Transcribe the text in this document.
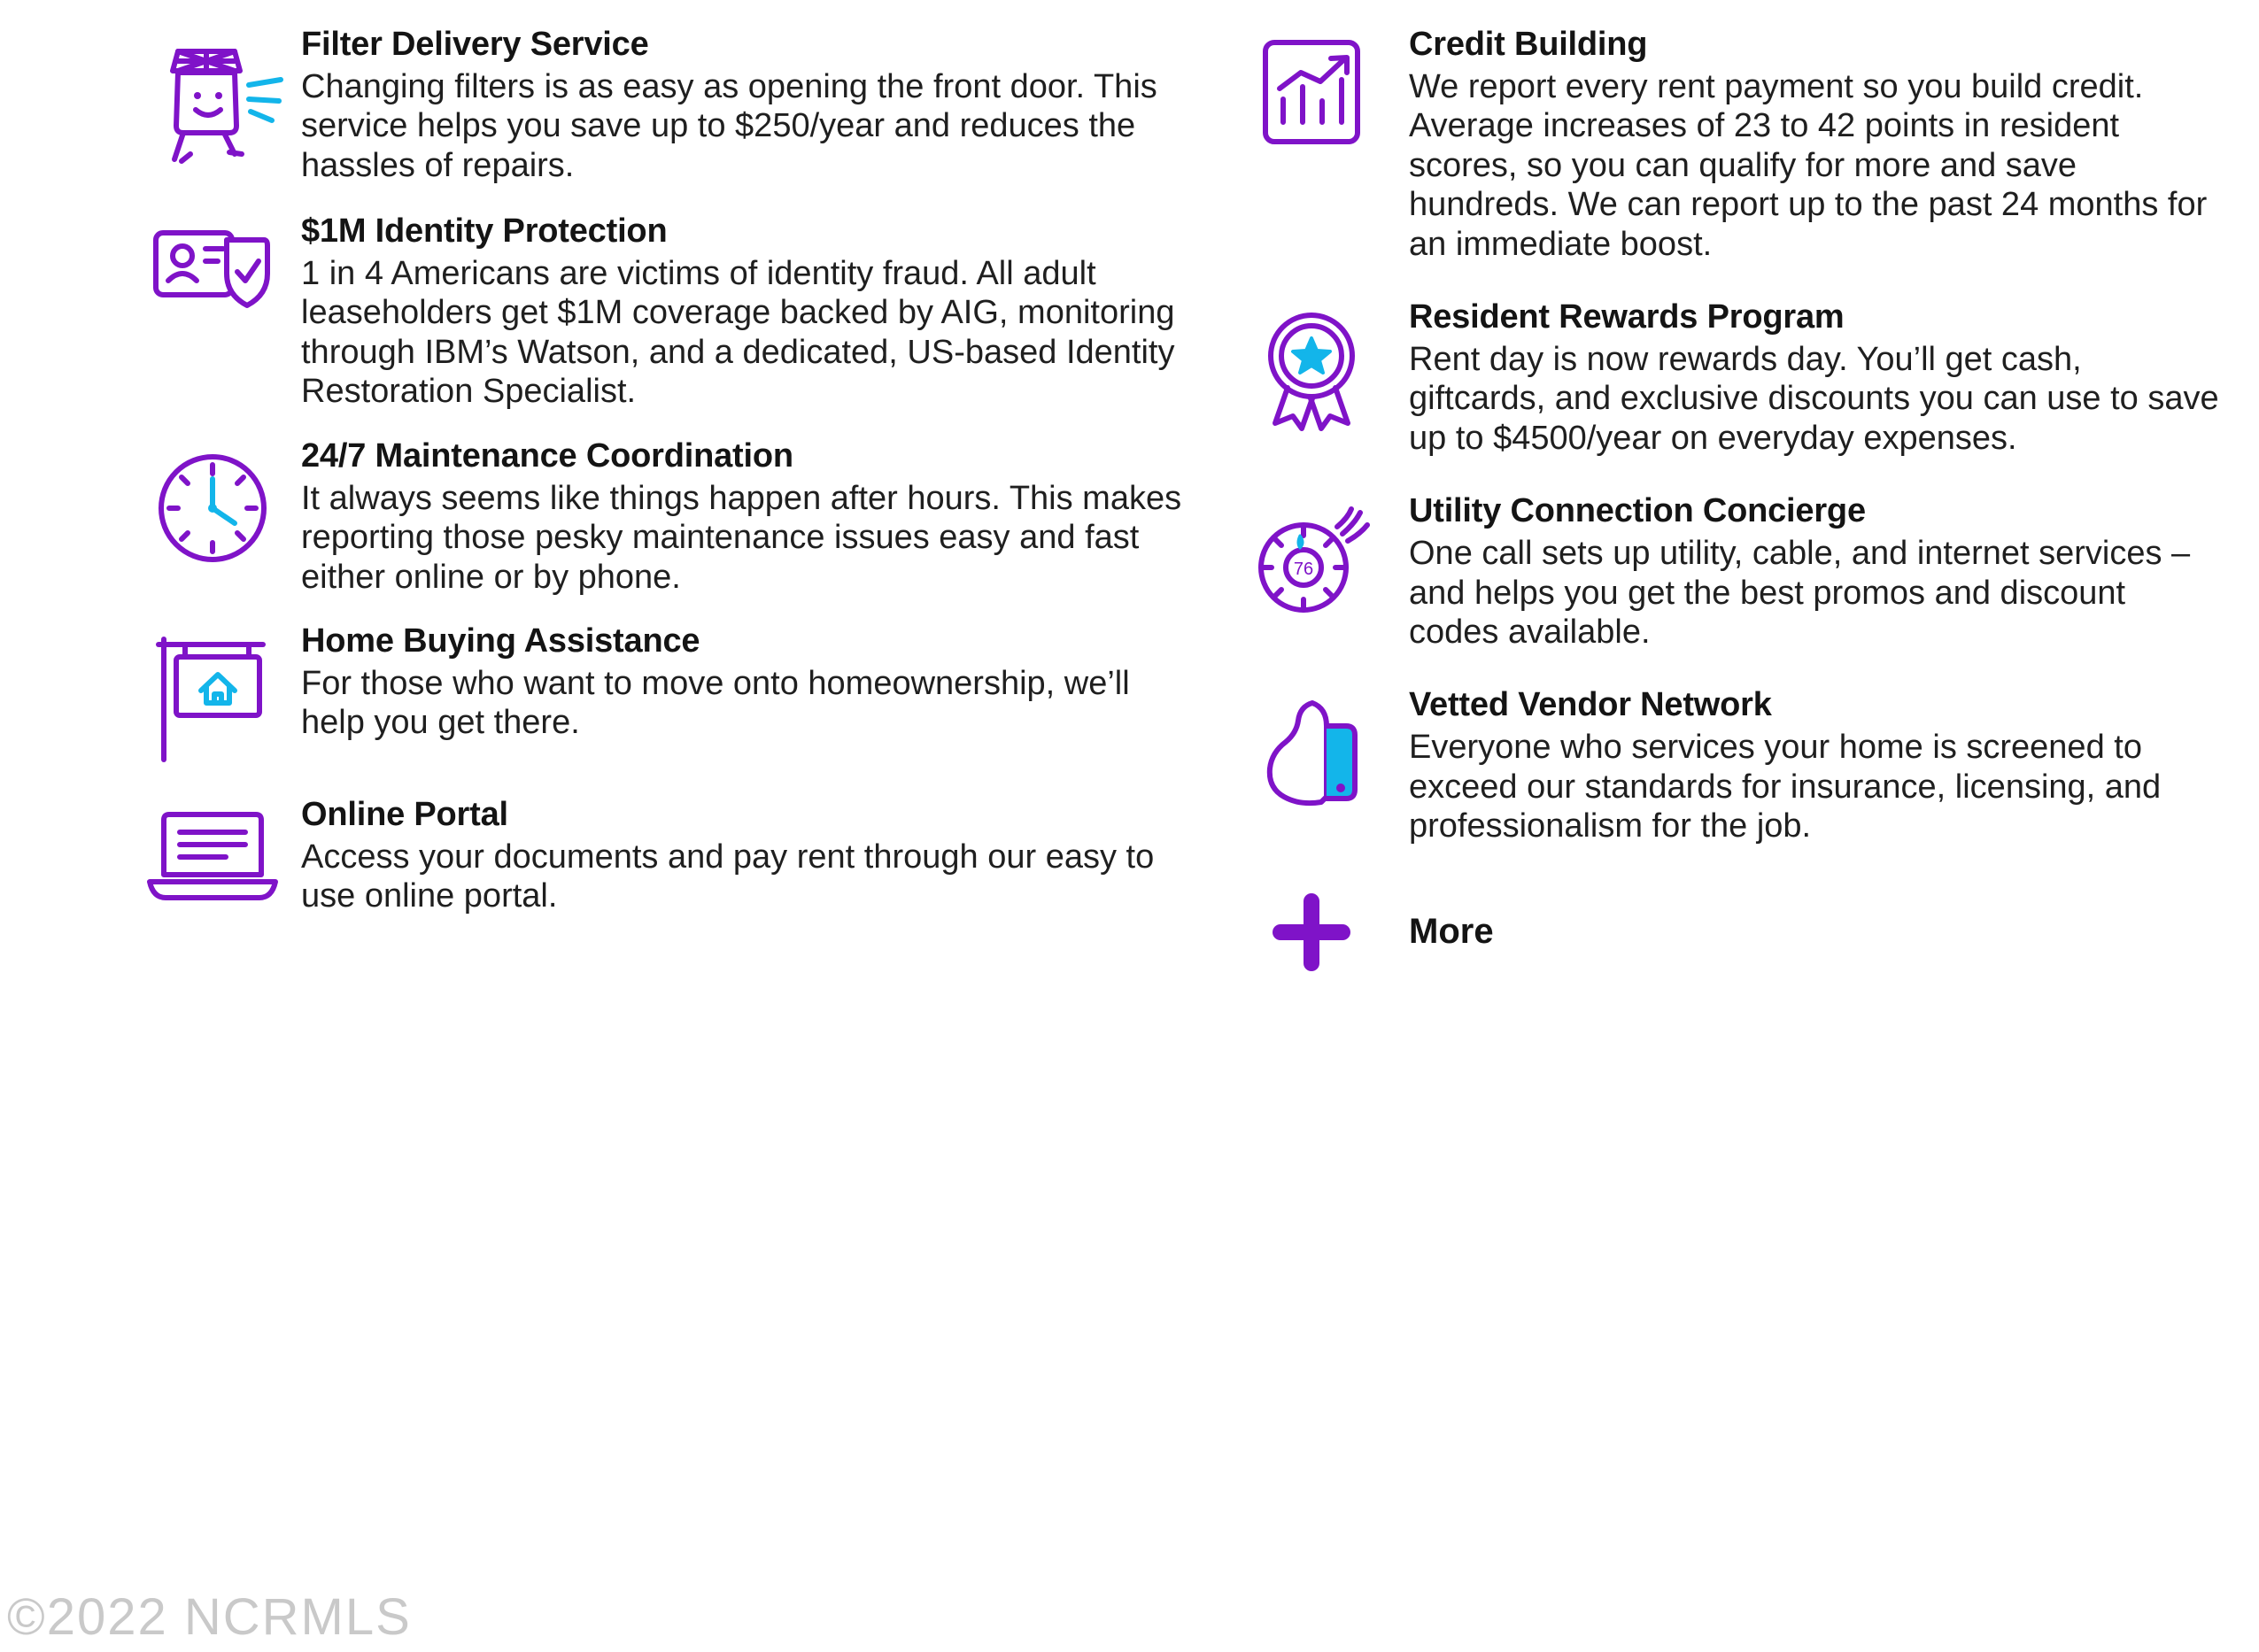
Filter Delivery Service

Changing filters is as easy as opening the front door. This service helps you save up to $250/year and reduces the hassles of repairs.

$1M Identity Protection

1 in 4 Americans are victims of identity fraud. All adult leaseholders get $1M coverage backed by AIG, monitoring through IBM’s Watson, and a dedicated, US-based Identity Restoration Specialist.

24/7 Maintenance Coordination

It always seems like things happen after hours. This makes reporting those pesky maintenance issues easy and fast either online or by phone.

Home Buying Assistance

For those who want to move onto homeownership, we’ll help you get there.

Online Portal

Access your documents and pay rent through our easy to use online portal.

Credit Building

We report every rent payment so you build credit. Average increases of 23 to 42 points in resident scores, so you can qualify for more and save hundreds. We can report up to the past 24 months for an immediate boost.

Resident Rewards Program

Rent day is now rewards day. You’ll get cash, giftcards, and exclusive discounts you can use to save up to $4500/year on everyday expenses.

76

Utility Connection Concierge

One call sets up utility, cable, and internet services – and helps you get the best promos and discount codes available.

Vetted Vendor Network

Everyone who services your home is screened to exceed our standards for insurance, licensing, and professionalism for the job.

More
©2022 NCRMLS
